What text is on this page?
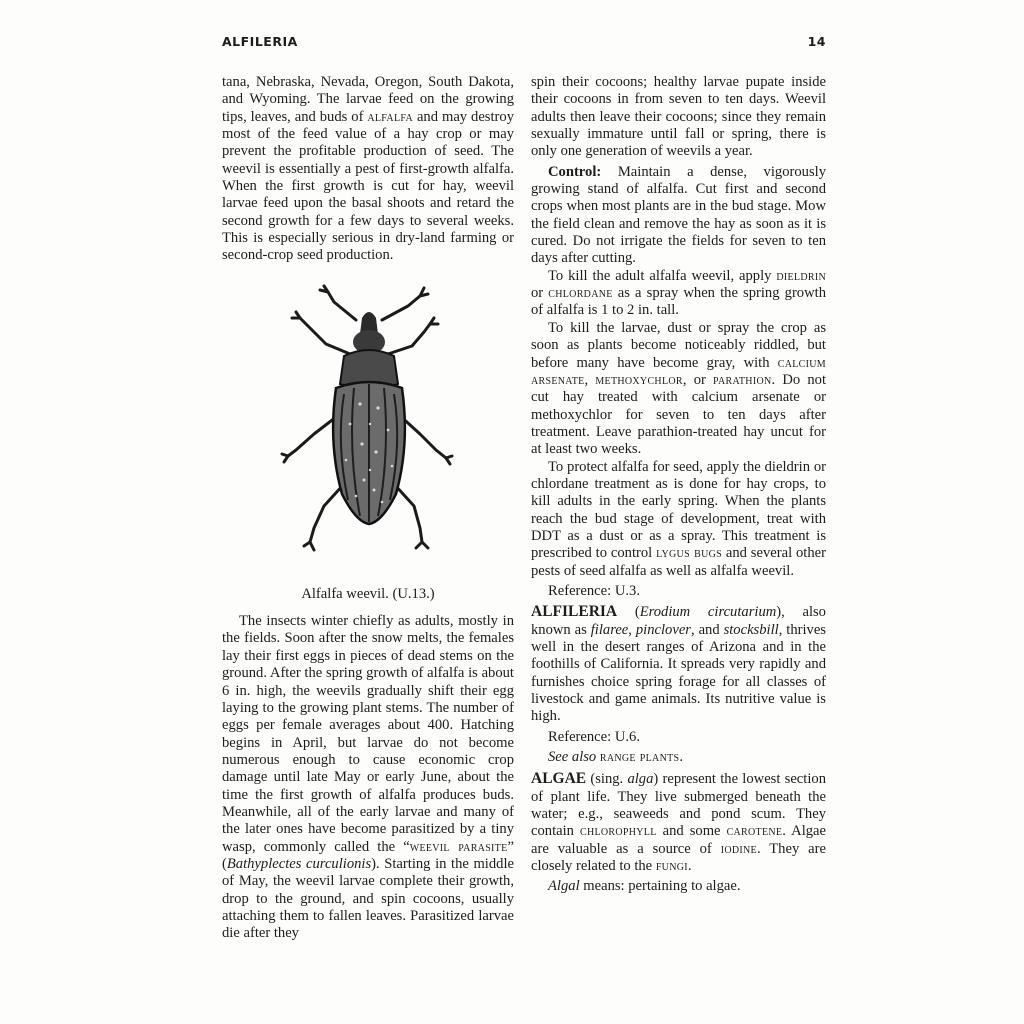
ALFILERIA	14

tana, Nebraska, Nevada, Oregon, South Dakota, and Wyoming. The larvae feed on the growing tips, leaves, and buds of alfalfa and may destroy most of the feed value of a hay crop or may prevent the profitable production of seed. The weevil is essentially a pest of first-growth alfalfa. When the first growth is cut for hay, weevil larvae feed upon the basal shoots and retard the second growth for a few days to several weeks. This is especially serious in dry-land farming or second-crop seed production.

Alfalfa weevil. (U.13.)

The insects winter chiefly as adults, mostly in the fields. Soon after the snow melts, the females lay their first eggs in pieces of dead stems on the ground. After the spring growth of alfalfa is about 6 in. high, the weevils gradually shift their egg laying to the growing plant stems. The number of eggs per female averages about 400. Hatching begins in April, but larvae do not become numerous enough to cause economic crop damage until late May or early June, about the time the first growth of alfalfa produces buds. Meanwhile, all of the early larvae and many of the later ones have become parasitized by a tiny wasp, commonly called the “weevil parasite” (Bathyplectes curculionis). Starting in the middle of May, the weevil larvae complete their growth, drop to the ground, and spin cocoons, usually attaching them to fallen leaves. Parasitized larvae die after they

spin their cocoons; healthy larvae pupate inside their cocoons in from seven to ten days. Weevil adults then leave their cocoons; since they remain sexually immature until fall or spring, there is only one generation of weevils a year.

Control: Maintain a dense, vigorously growing stand of alfalfa. Cut first and second crops when most plants are in the bud stage. Mow the field clean and remove the hay as soon as it is cured. Do not irrigate the fields for seven to ten days after cutting.

To kill the adult alfalfa weevil, apply dieldrin or chlordane as a spray when the spring growth of alfalfa is 1 to 2 in. tall.

To kill the larvae, dust or spray the crop as soon as plants become noticeably riddled, but before many have become gray, with calcium arsenate, methoxychlor, or parathion. Do not cut hay treated with calcium arsenate or methoxychlor for seven to ten days after treatment. Leave parathion-treated hay uncut for at least two weeks.

To protect alfalfa for seed, apply the dieldrin or chlordane treatment as is done for hay crops, to kill adults in the early spring. When the plants reach the bud stage of development, treat with DDT as a dust or as a spray. This treatment is prescribed to control lygus bugs and several other pests of seed alfalfa as well as alfalfa weevil.

Reference: U.3.

ALFILERIA (Erodium circutarium), also known as filaree, pinclover, and stocksbill, thrives well in the desert ranges of Arizona and in the foothills of California. It spreads very rapidly and furnishes choice spring forage for all classes of livestock and game animals. Its nutritive value is high.

Reference: U.6.

See also range plants.

ALGAE (sing. alga) represent the lowest section of plant life. They live submerged beneath the water; e.g., seaweeds and pond scum. They contain chlorophyll and some carotene. Algae are valuable as a source of iodine. They are closely related to the fungi.

Algal means: pertaining to algae.
